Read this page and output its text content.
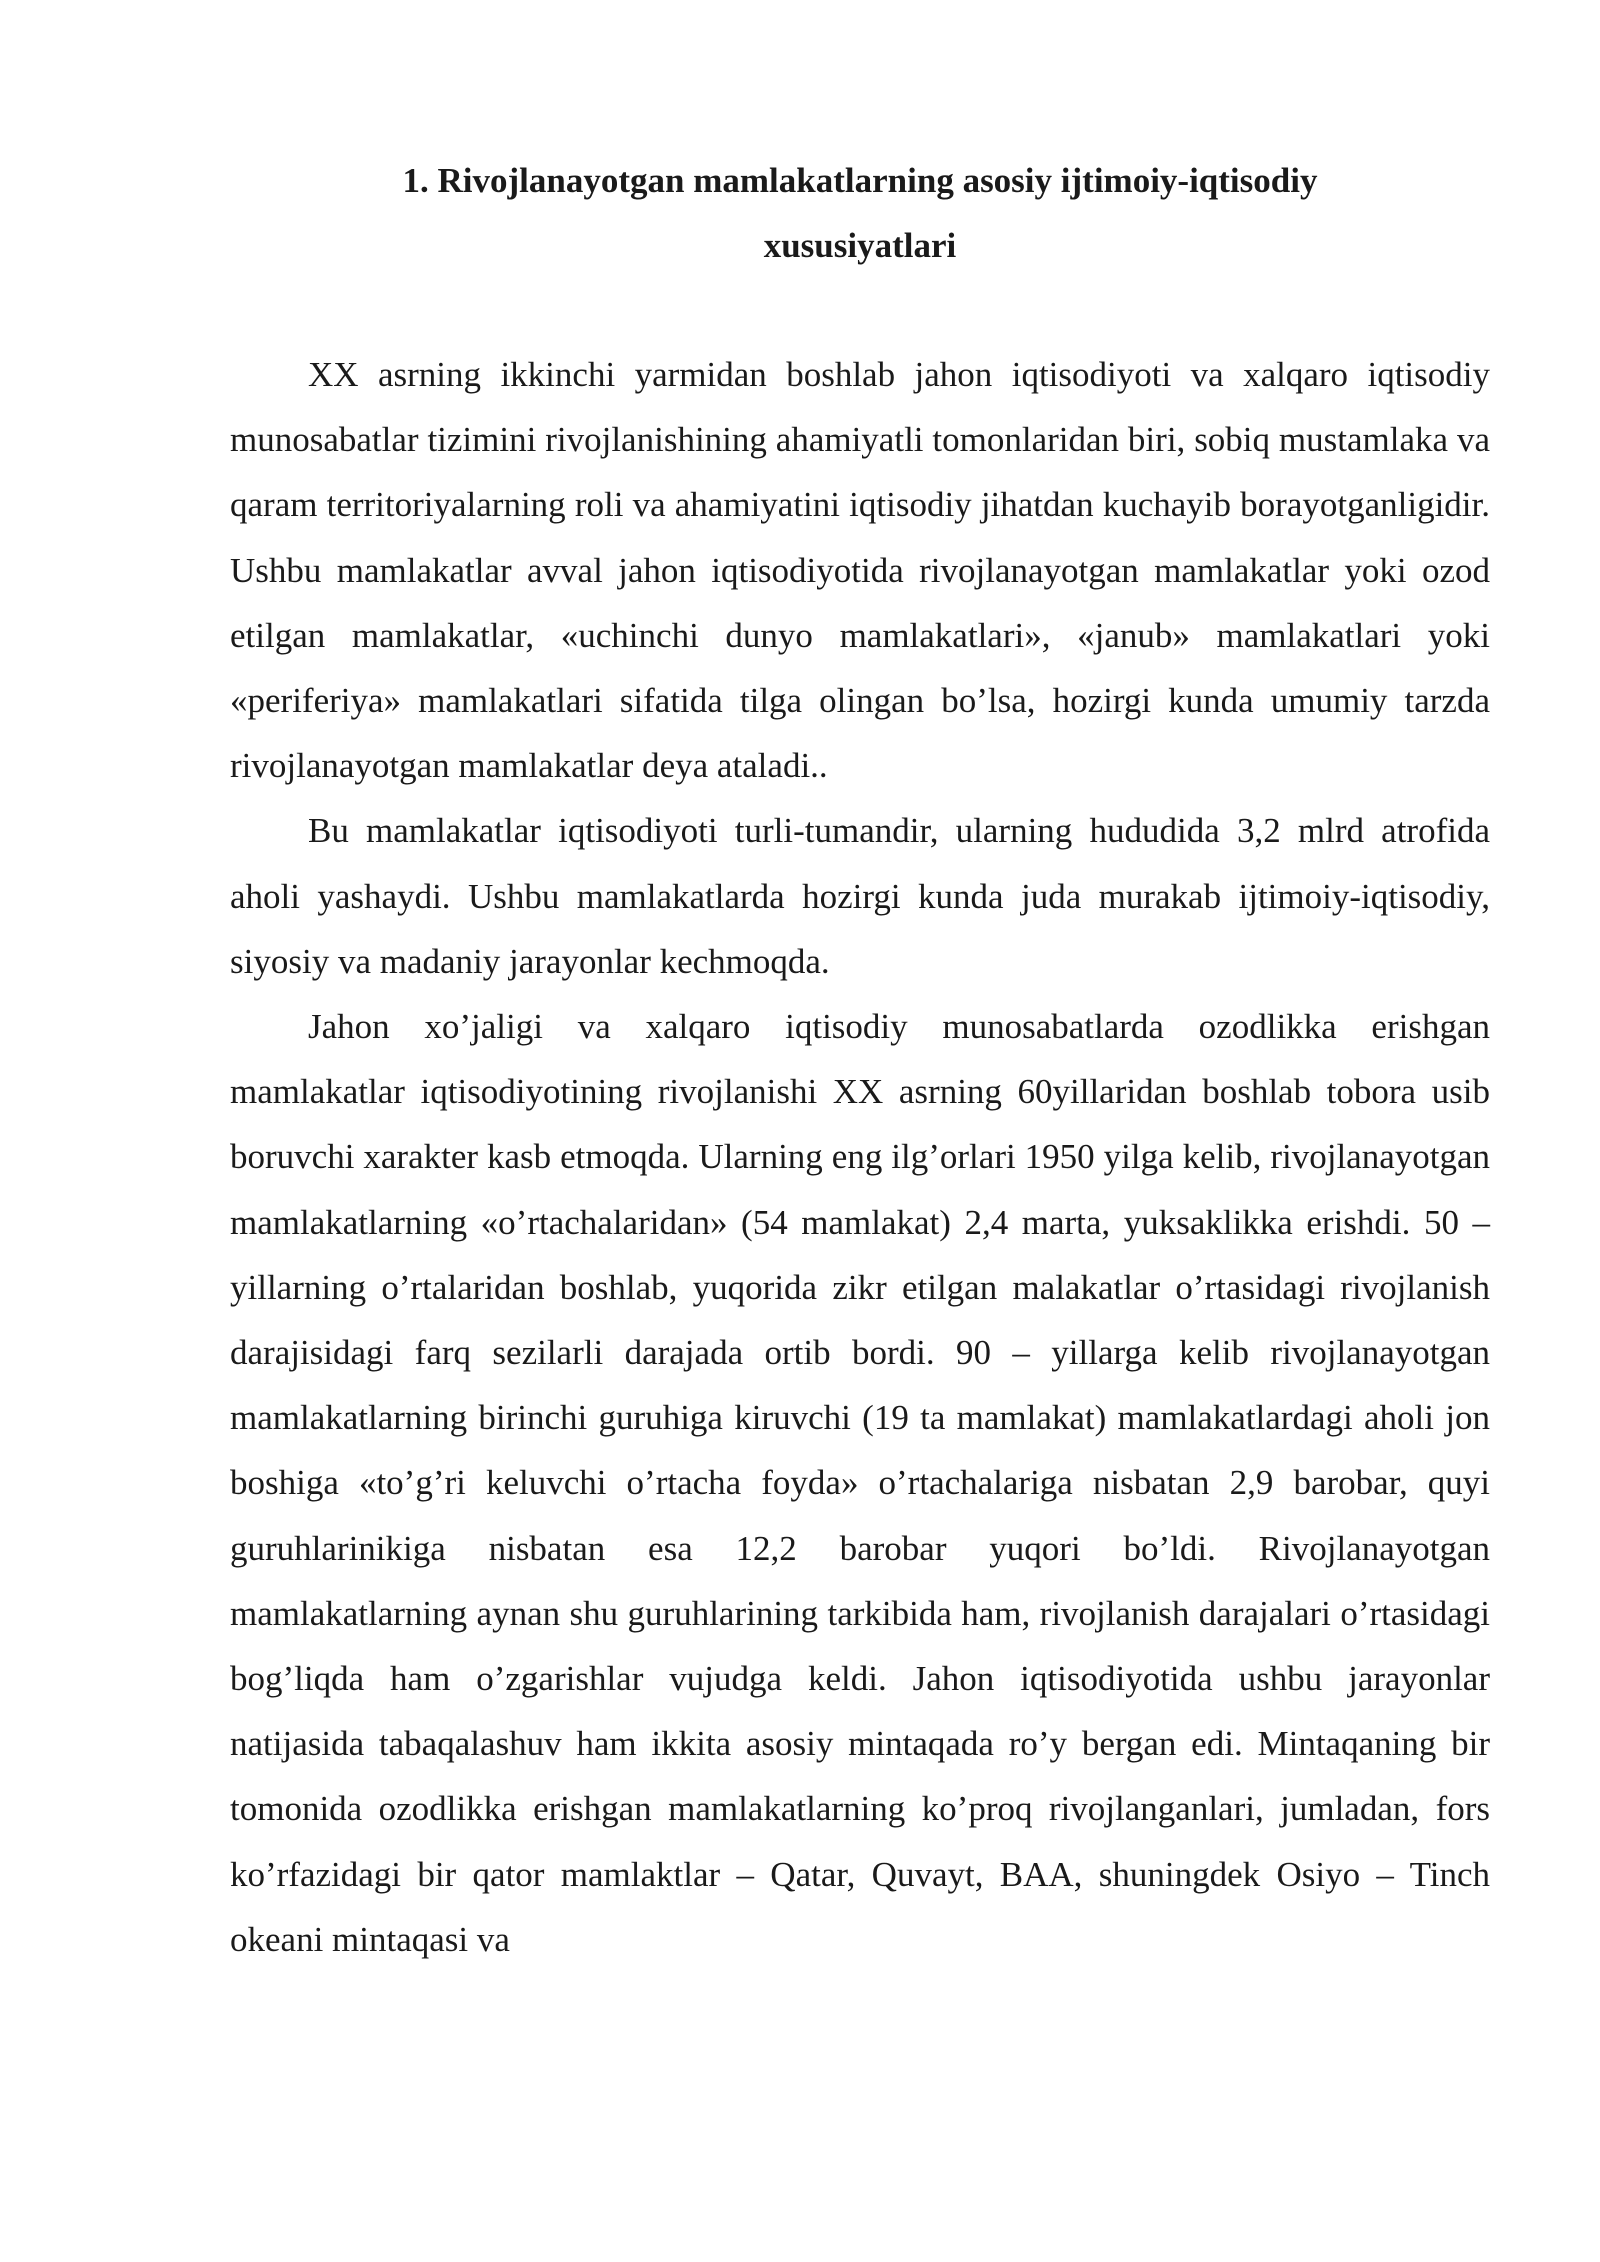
1. Rivojlanayotgan mamlakatlarning asosiy ijtimoiy-iqtisodiy
xususiyatlari

XX asrning ikkinchi yarmidan boshlab jahon iqtisodiyoti va xalqaro iqtisodiy munosabatlar tizimini rivojlanishining ahamiyatli tomonlaridan biri, sobiq mustamlaka va qaram territoriyalarning roli va ahamiyatini iqtisodiy jihatdan kuchayib borayotganligidir. Ushbu mamlakatlar avval jahon iqtisodiyotida rivojlanayotgan mamlakatlar yoki ozod etilgan mamlakatlar, «uchinchi dunyo mamlakatlari», «janub» mamlakatlari yoki «periferiya» mamlakatlari sifatida tilga olingan bo’lsa, hozirgi kunda umumiy tarzda rivojlanayotgan mamlakatlar deya ataladi..

Bu mamlakatlar iqtisodiyoti turli-tumandir, ularning hududida 3,2 mlrd atrofida aholi yashaydi. Ushbu mamlakatlarda hozirgi kunda juda murakab ijtimoiy-iqtisodiy, siyosiy va madaniy jarayonlar kechmoqda.

Jahon xo’jaligi va xalqaro iqtisodiy munosabatlarda ozodlikka erishgan mamlakatlar iqtisodiyotining rivojlanishi XX asrning 60yillaridan boshlab tobora usib boruvchi xarakter kasb etmoqda. Ularning eng ilg’orlari 1950 yilga kelib, rivojlanayotgan mamlakatlarning «o’rtachalaridan» (54 mamlakat) 2,4 marta, yuksaklikka erishdi. 50 – yillarning o’rtalaridan boshlab, yuqorida zikr etilgan malakatlar o’rtasidagi rivojlanish darajisidagi farq sezilarli darajada ortib bordi. 90 – yillarga kelib rivojlanayotgan mamlakatlarning birinchi guruhiga kiruvchi (19 ta mamlakat) mamlakatlardagi aholi jon boshiga «to’g’ri keluvchi o’rtacha foyda» o’rtachalariga nisbatan 2,9 barobar, quyi guruhlarinikiga nisbatan esa 12,2 barobar yuqori bo’ldi. Rivojlanayotgan mamlakatlarning aynan shu guruhlarining tarkibida ham, rivojlanish darajalari o’rtasidagi bog’liqda ham o’zgarishlar vujudga keldi. Jahon iqtisodiyotida ushbu jarayonlar natijasida tabaqalashuv ham ikkita asosiy mintaqada ro’y bergan edi. Mintaqaning bir tomonida ozodlikka erishgan mamlakatlarning ko’proq rivojlanganlari, jumladan, fors ko’rfazidagi bir qator mamlaktlar – Qatar, Quvayt, BAA, shuningdek Osiyo – Tinch okeani mintaqasi va
